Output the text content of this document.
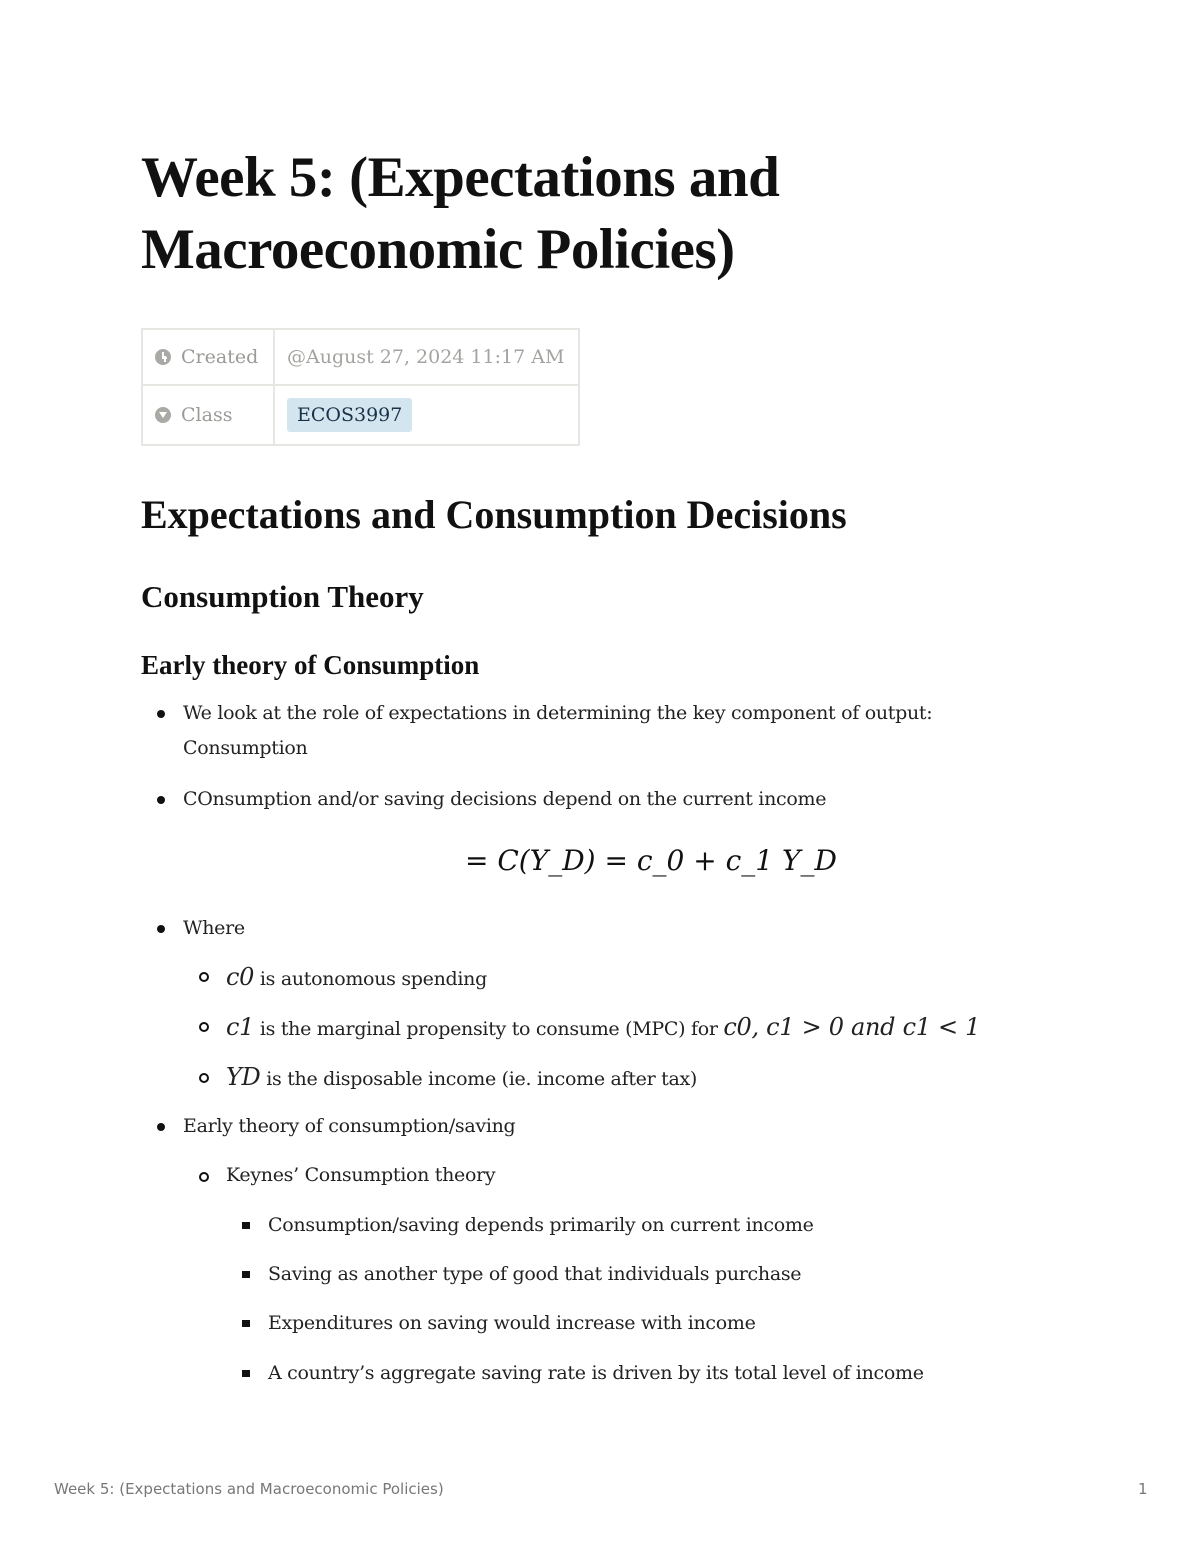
Week 5: (Expectations and Macroeconomic Policies)
Created	@August 27, 2024 11:17 AM
Class	ECOS3997
Expectations and Consumption Decisions
Consumption Theory
Early theory of Consumption
We look at the role of expectations in determining the key component of output:
Consumption
COnsumption and/or saving decisions depend on the current income
= C(Y_D) = c_0 + c_1 Y_D
Where
c0 is autonomous spending
c1 is the marginal propensity to consume (MPC) for c0, c1 > 0 and c1 < 1
YD is the disposable income (ie. income after tax)
Early theory of consumption/saving
Keynes’ Consumption theory
Consumption/saving depends primarily on current income
Saving as another type of good that individuals purchase
Expenditures on saving would increase with income
A country’s aggregate saving rate is driven by its total level of income
Week 5: (Expectations and Macroeconomic Policies)	1
